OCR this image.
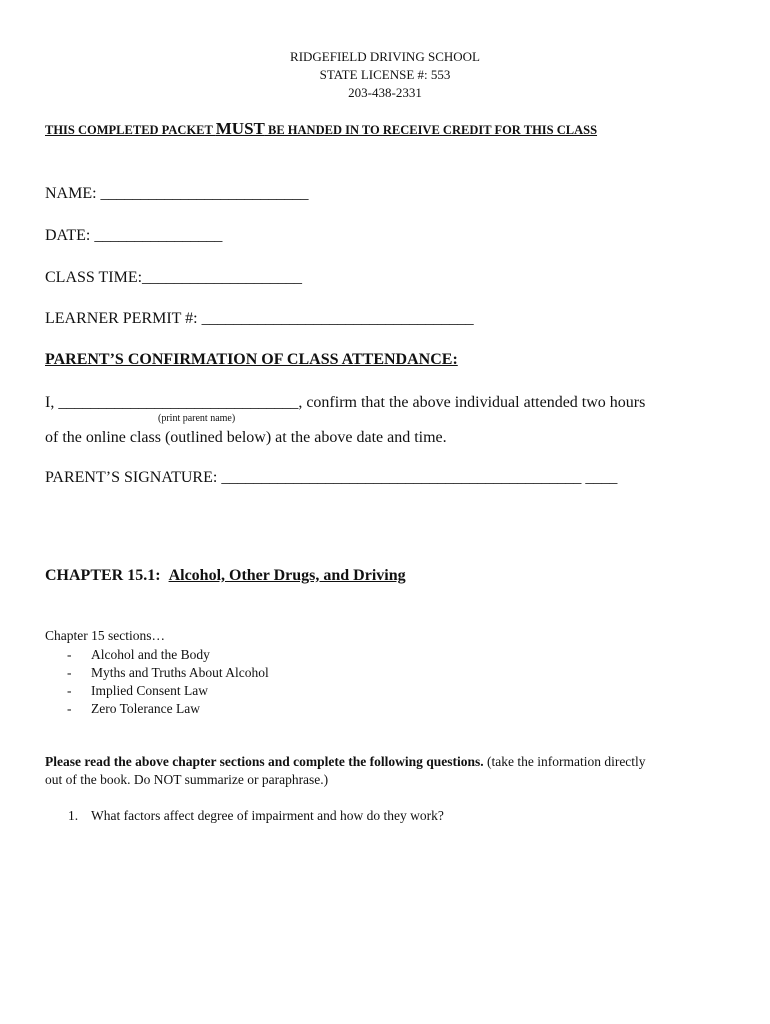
RIDGEFIELD DRIVING SCHOOL
STATE LICENSE #: 553
203-438-2331
THIS COMPLETED PACKET MUST BE HANDED IN TO RECEIVE CREDIT FOR THIS CLASS
NAME: __________________________
DATE: ________________
CLASS TIME:____________________
LEARNER PERMIT #: __________________________________
PARENT’S CONFIRMATION OF CLASS ATTENDANCE:
I, ______________________________, confirm that the above individual attended two hours
(print parent name)
of the online class (outlined below) at the above date and time.
PARENT’S SIGNATURE: _____________________________________________ ____
CHAPTER 15.1: Alcohol, Other Drugs, and Driving
Chapter 15 sections…
- Alcohol and the Body
- Myths and Truths About Alcohol
- Implied Consent Law
- Zero Tolerance Law
Please read the above chapter sections and complete the following questions. (take the information directly
out of the book. Do NOT summarize or paraphrase.)
1. What factors affect degree of impairment and how do they work?
